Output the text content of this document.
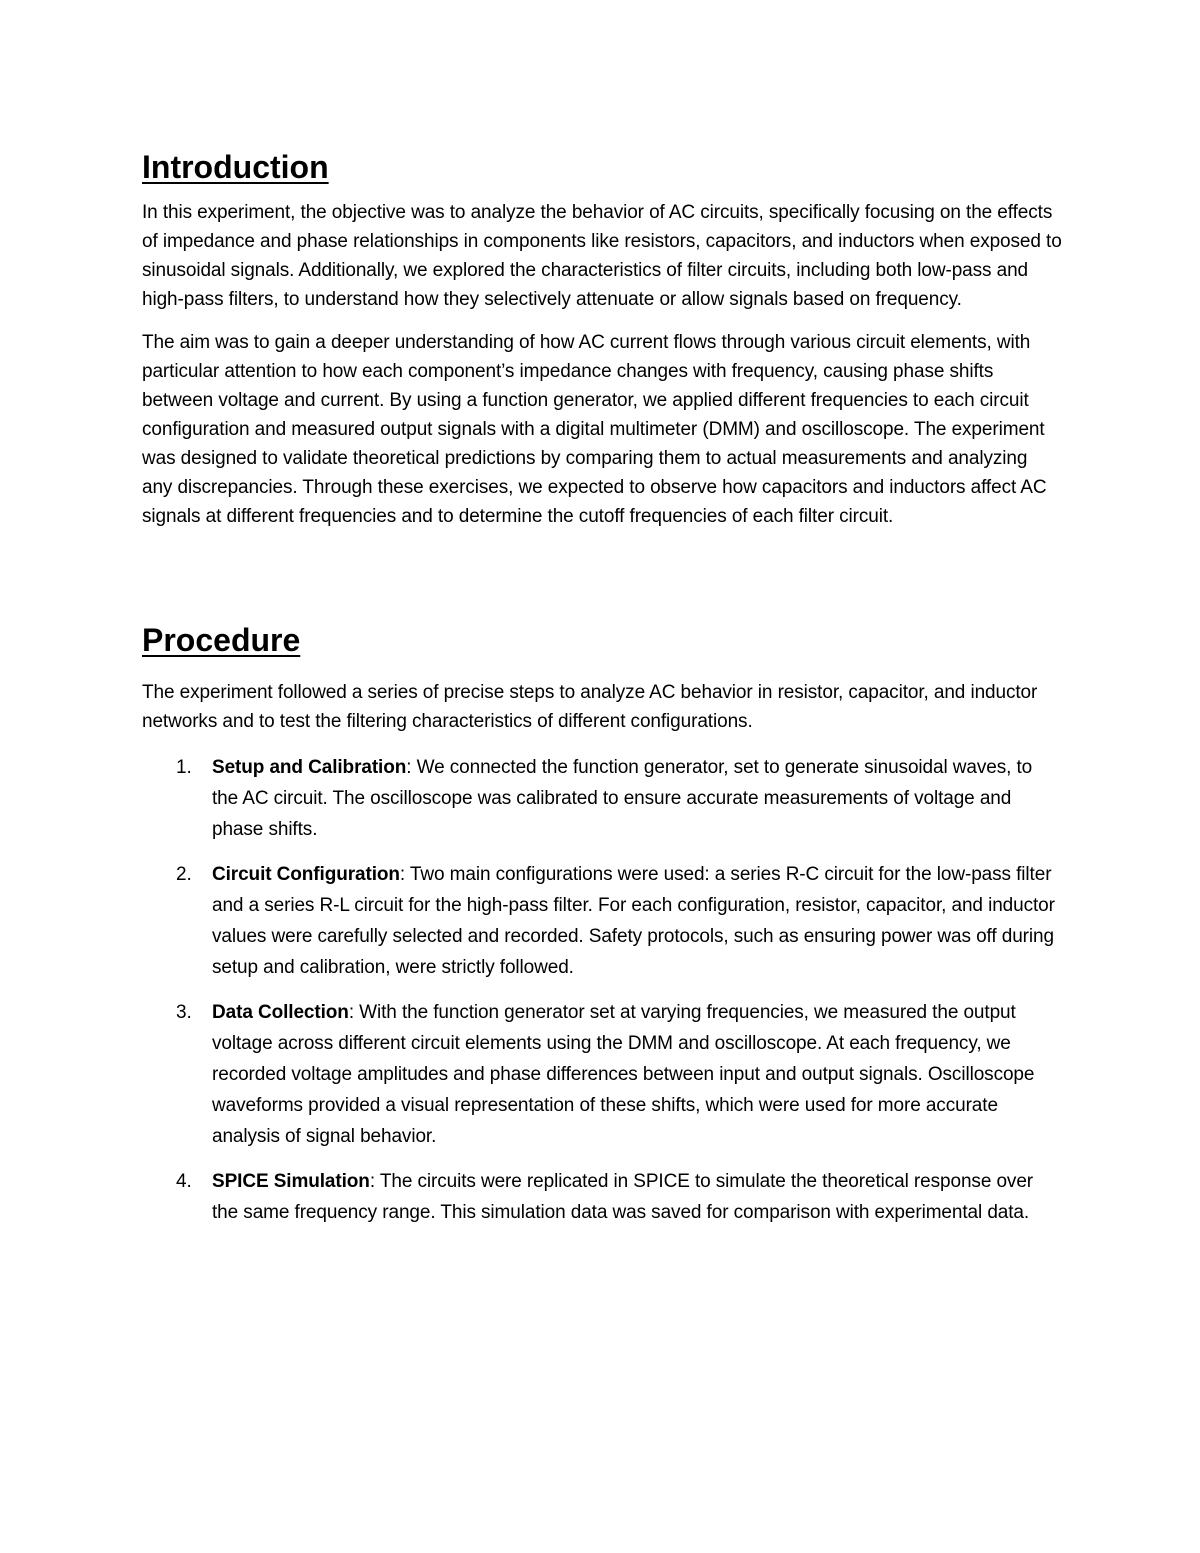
Introduction

In this experiment, the objective was to analyze the behavior of AC circuits, specifically focusing on the effects of impedance and phase relationships in components like resistors, capacitors, and inductors when exposed to sinusoidal signals. Additionally, we explored the characteristics of filter circuits, including both low-pass and high-pass filters, to understand how they selectively attenuate or allow signals based on frequency.

The aim was to gain a deeper understanding of how AC current flows through various circuit elements, with particular attention to how each component’s impedance changes with frequency, causing phase shifts between voltage and current. By using a function generator, we applied different frequencies to each circuit configuration and measured output signals with a digital multimeter (DMM) and oscilloscope. The experiment was designed to validate theoretical predictions by comparing them to actual measurements and analyzing any discrepancies. Through these exercises, we expected to observe how capacitors and inductors affect AC signals at different frequencies and to determine the cutoff frequencies of each filter circuit.

Procedure

The experiment followed a series of precise steps to analyze AC behavior in resistor, capacitor, and inductor networks and to test the filtering characteristics of different configurations.

1. Setup and Calibration: We connected the function generator, set to generate sinusoidal waves, to the AC circuit. The oscilloscope was calibrated to ensure accurate measurements of voltage and phase shifts.
2. Circuit Configuration: Two main configurations were used: a series R-C circuit for the low-pass filter and a series R-L circuit for the high-pass filter. For each configuration, resistor, capacitor, and inductor values were carefully selected and recorded. Safety protocols, such as ensuring power was off during setup and calibration, were strictly followed.
3. Data Collection: With the function generator set at varying frequencies, we measured the output voltage across different circuit elements using the DMM and oscilloscope. At each frequency, we recorded voltage amplitudes and phase differences between input and output signals. Oscilloscope waveforms provided a visual representation of these shifts, which were used for more accurate analysis of signal behavior.
4. SPICE Simulation: The circuits were replicated in SPICE to simulate the theoretical response over the same frequency range. This simulation data was saved for comparison with experimental data.
